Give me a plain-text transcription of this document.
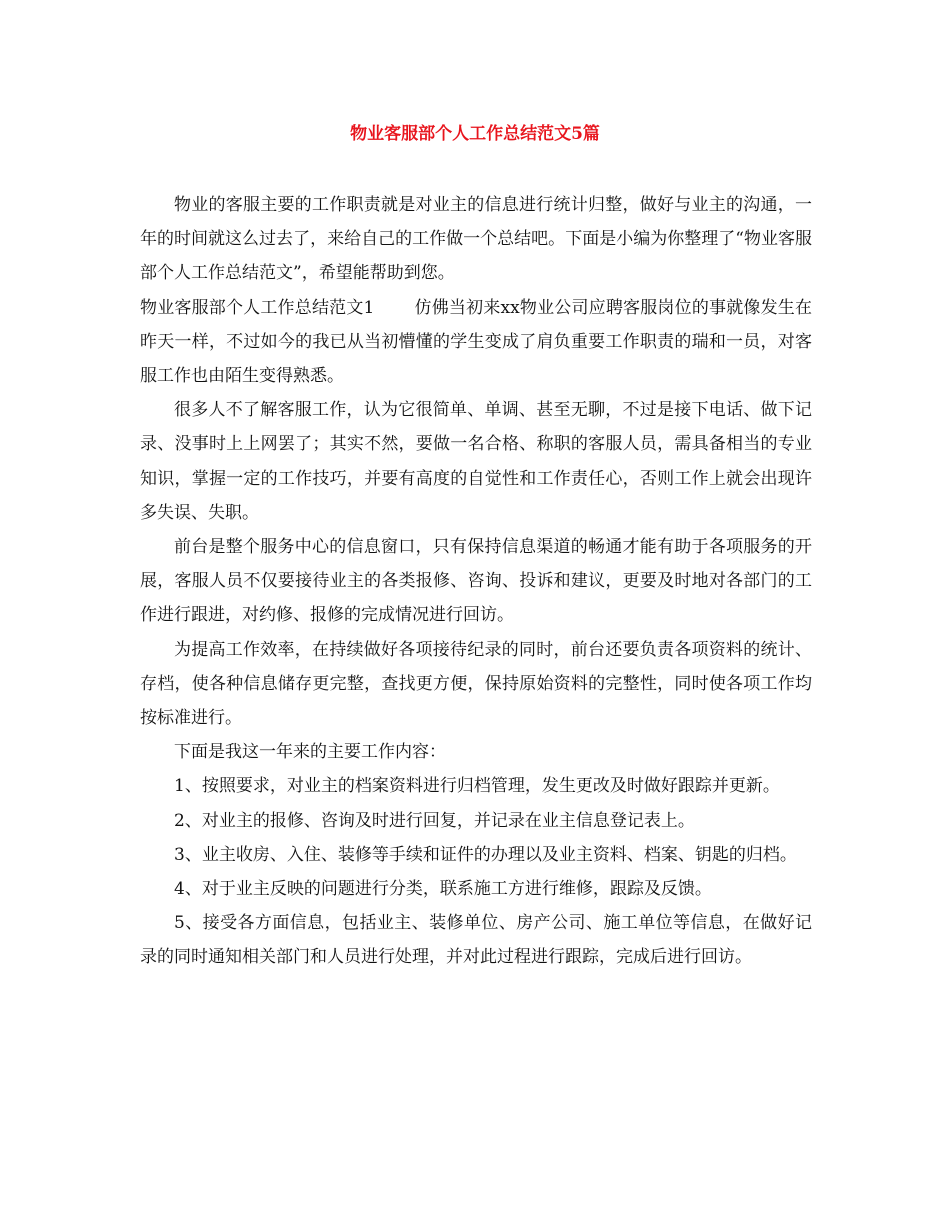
物业客服部个人工作总结范文5篇

物业的客服主要的工作职责就是对业主的信息进行统计归整，做好与业主的沟通，一年的时间就这么过去了，来给自己的工作做一个总结吧。下面是小编为你整理了“物业客服部个人工作总结范文”，希望能帮助到您。

物业客服部个人工作总结范文1 仿佛当初来xx物业公司应聘客服岗位的事就像发生在昨天一样，不过如今的我已从当初懵懂的学生变成了肩负重要工作职责的瑞和一员，对客服工作也由陌生变得熟悉。

很多人不了解客服工作，认为它很简单、单调、甚至无聊，不过是接下电话、做下记录、没事时上上网罢了；其实不然，要做一名合格、称职的客服人员，需具备相当的专业知识，掌握一定的工作技巧，并要有高度的自觉性和工作责任心，否则工作上就会出现许多失误、失职。

前台是整个服务中心的信息窗口，只有保持信息渠道的畅通才能有助于各项服务的开展，客服人员不仅要接待业主的各类报修、咨询、投诉和建议，更要及时地对各部门的工作进行跟进，对约修、报修的完成情况进行回访。

为提高工作效率，在持续做好各项接待纪录的同时，前台还要负责各项资料的统计、存档，使各种信息储存更完整，查找更方便，保持原始资料的完整性，同时使各项工作均按标准进行。

下面是我这一年来的主要工作内容：

1、按照要求，对业主的档案资料进行归档管理，发生更改及时做好跟踪并更新。

2、对业主的报修、咨询及时进行回复，并记录在业主信息登记表上。

3、业主收房、入住、装修等手续和证件的办理以及业主资料、档案、钥匙的归档。

4、对于业主反映的问题进行分类，联系施工方进行维修，跟踪及反馈。

5、接受各方面信息，包括业主、装修单位、房产公司、施工单位等信息，在做好记录的同时通知相关部门和人员进行处理，并对此过程进行跟踪，完成后进行回访。
